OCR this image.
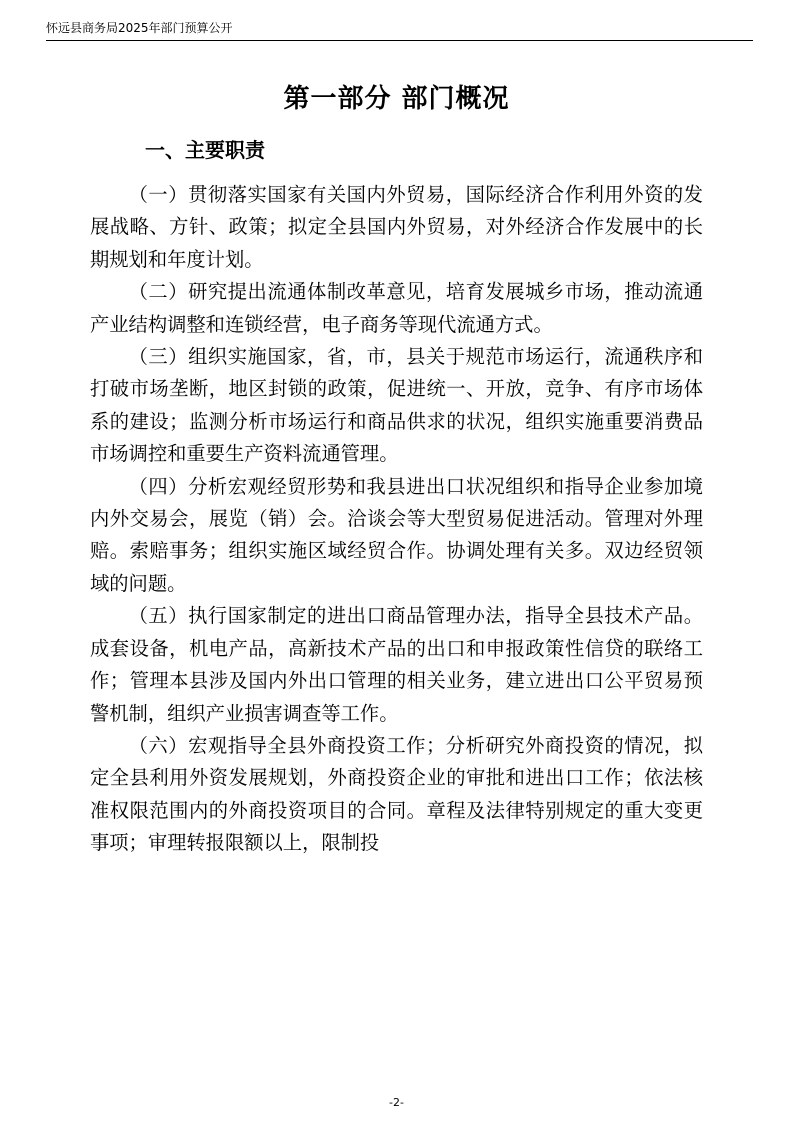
怀远县商务局2025年部门预算公开
第一部分 部门概况
一、主要职责

（一）贯彻落实国家有关国内外贸易，国际经济合作利用外资的发展战略、方针、政策；拟定全县国内外贸易，对外经济合作发展中的长期规划和年度计划。

（二）研究提出流通体制改革意见，培育发展城乡市场，推动流通产业结构调整和连锁经营，电子商务等现代流通方式。

（三）组织实施国家，省，市，县关于规范市场运行，流通秩序和打破市场垄断，地区封锁的政策，促进统一、开放，竞争、有序市场体系的建设；监测分析市场运行和商品供求的状况，组织实施重要消费品市场调控和重要生产资料流通管理。

（四）分析宏观经贸形势和我县进出口状况组织和指导企业参加境内外交易会，展览（销）会。洽谈会等大型贸易促进活动。管理对外理赔。索赔事务；组织实施区域经贸合作。协调处理有关多。双边经贸领域的问题。

（五）执行国家制定的进出口商品管理办法，指导全县技术产品。成套设备，机电产品，高新技术产品的出口和申报政策性信贷的联络工作；管理本县涉及国内外出口管理的相关业务，建立进出口公平贸易预警机制，组织产业损害调查等工作。

（六）宏观指导全县外商投资工作；分析研究外商投资的情况，拟定全县利用外资发展规划，外商投资企业的审批和进出口工作；依法核准权限范围内的外商投资项目的合同。章程及法律特别规定的重大变更事项；审理转报限额以上，限制投

-2-
